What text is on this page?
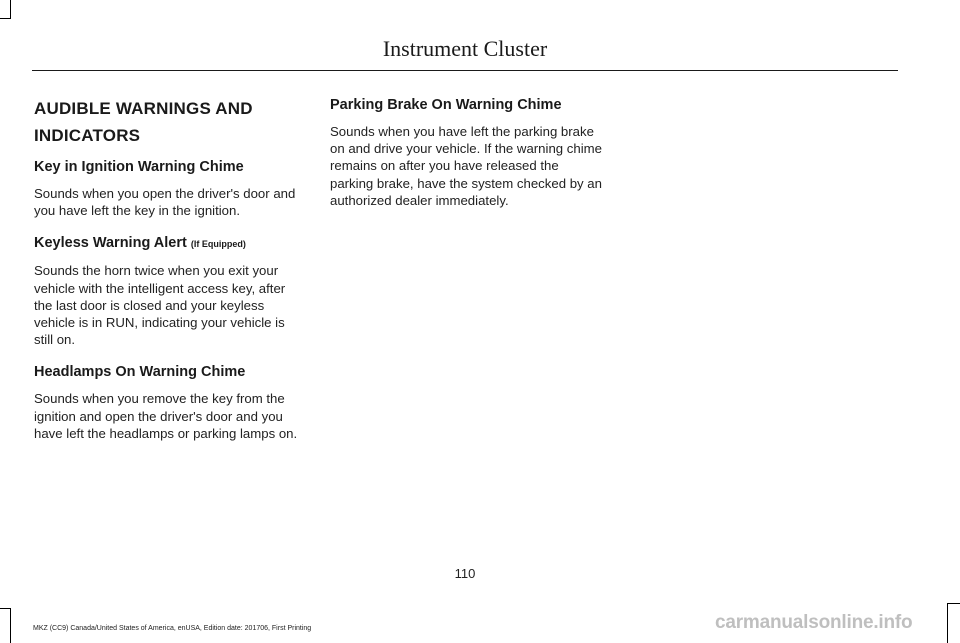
Instrument Cluster
AUDIBLE WARNINGS AND INDICATORS
Key in Ignition Warning Chime

Sounds when you open the driver's door and you have left the key in the ignition.

Keyless Warning Alert (If Equipped)

Sounds the horn twice when you exit your vehicle with the intelligent access key, after the last door is closed and your keyless vehicle is in RUN, indicating your vehicle is still on.

Headlamps On Warning Chime

Sounds when you remove the key from the ignition and open the driver's door and you have left the headlamps or parking lamps on.

Parking Brake On Warning Chime

Sounds when you have left the parking brake on and drive your vehicle. If the warning chime remains on after you have released the parking brake, have the system checked by an authorized dealer immediately.

110
MKZ (CC9) Canada/United States of America, enUSA, Edition date: 201706, First Printing	carmanualsonline.info
